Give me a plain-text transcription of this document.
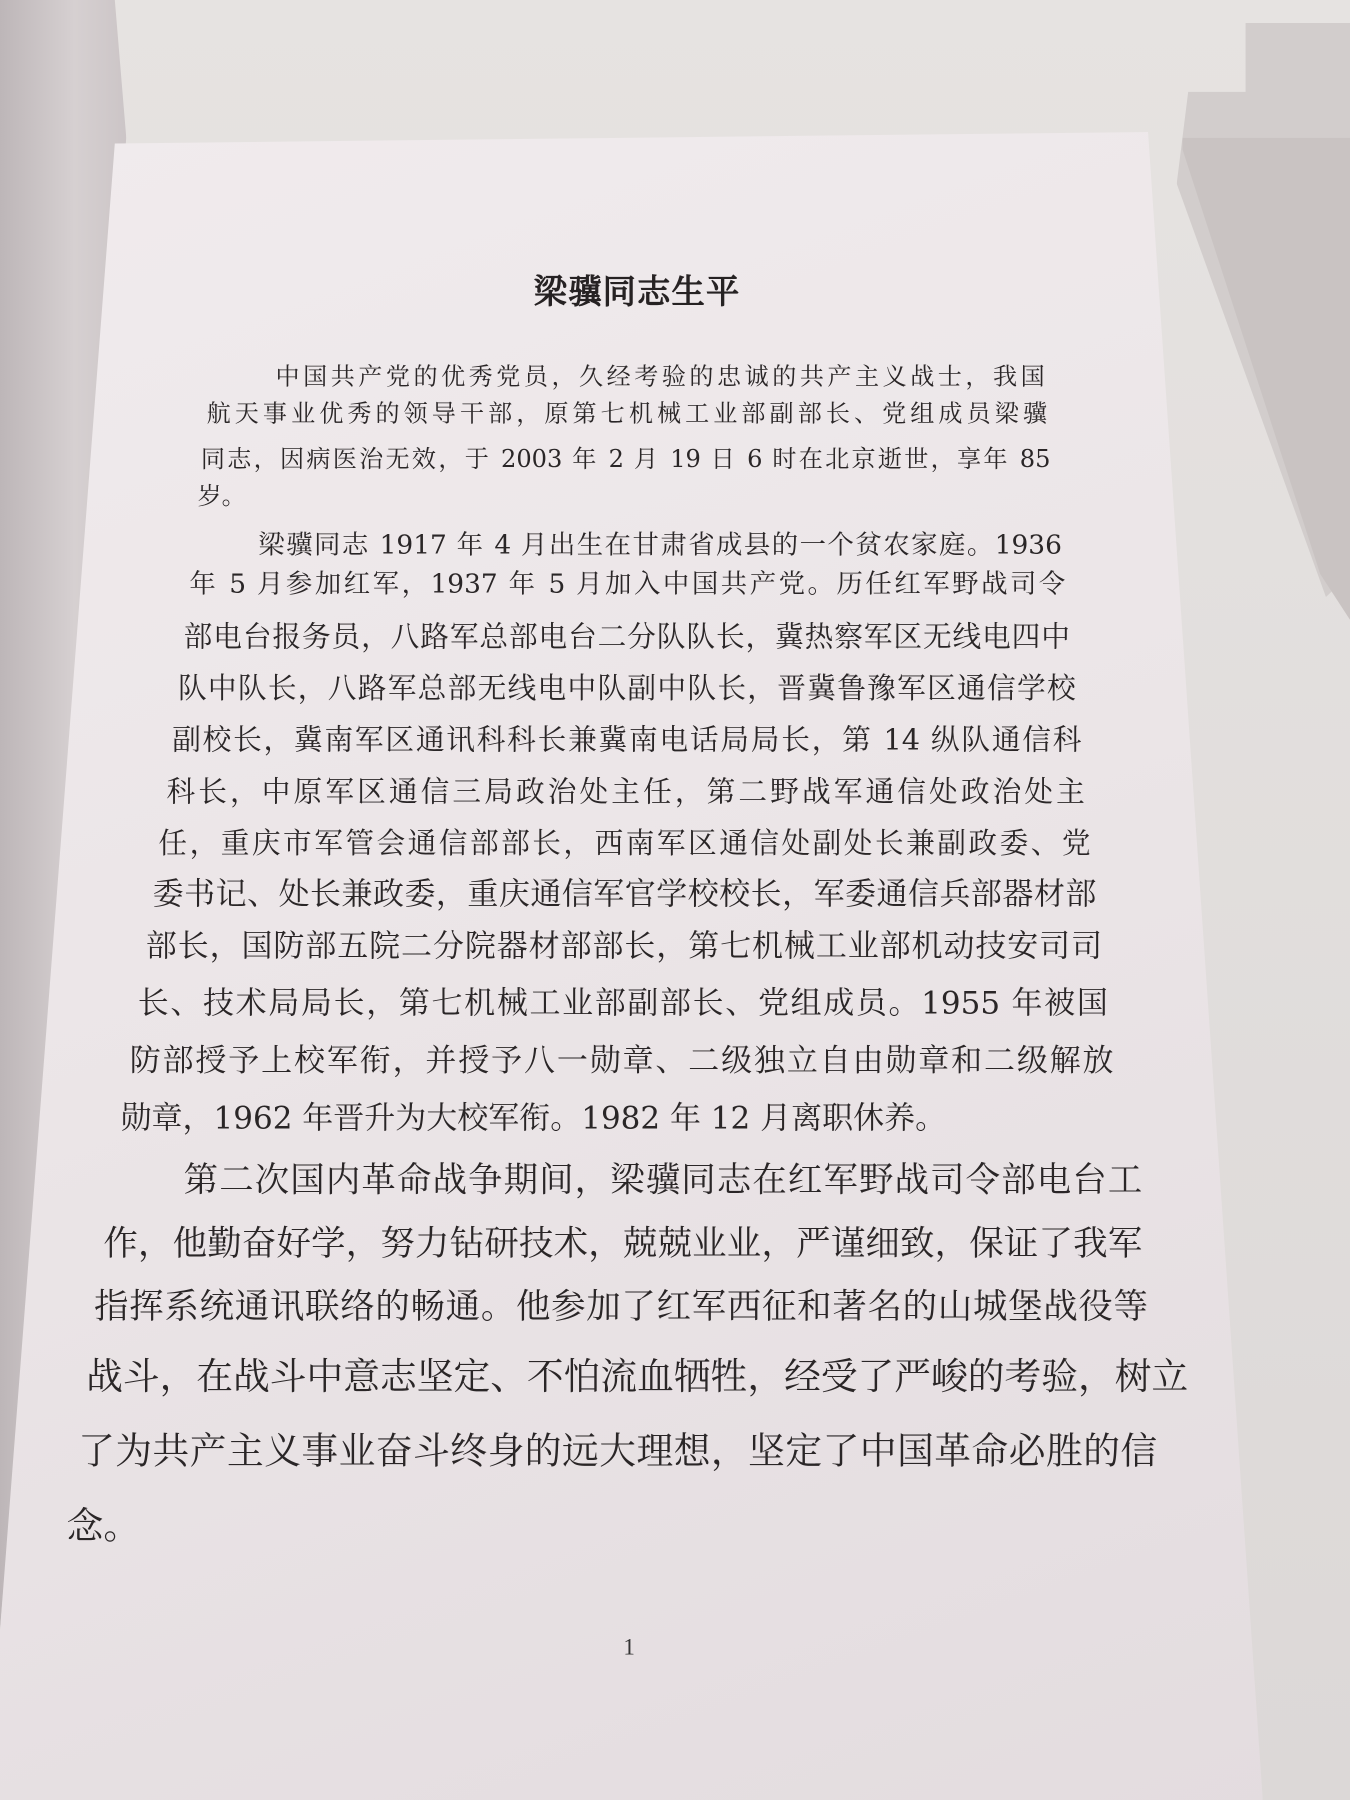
梁骥同志生平
中国共产党的优秀党员，久经考验的忠诚的共产主义战士，我国
航天事业优秀的领导干部，原第七机械工业部副部长、党组成员梁骥
同志，因病医治无效，于 2003 年 2 月 19 日 6 时在北京逝世，享年 85
岁。
梁骥同志 1917 年 4 月出生在甘肃省成县的一个贫农家庭。1936
年 5 月参加红军，1937 年 5 月加入中国共产党。历任红军野战司令
部电台报务员，八路军总部电台二分队队长，冀热察军区无线电四中
队中队长，八路军总部无线电中队副中队长，晋冀鲁豫军区通信学校
副校长，冀南军区通讯科科长兼冀南电话局局长，第 14 纵队通信科
科长，中原军区通信三局政治处主任，第二野战军通信处政治处主
任，重庆市军管会通信部部长，西南军区通信处副处长兼副政委、党
委书记、处长兼政委，重庆通信军官学校校长，军委通信兵部器材部
部长，国防部五院二分院器材部部长，第七机械工业部机动技安司司
长、技术局局长，第七机械工业部副部长、党组成员。1955 年被国
防部授予上校军衔，并授予八一勋章、二级独立自由勋章和二级解放
勋章，1962 年晋升为大校军衔。1982 年 12 月离职休养。
第二次国内革命战争期间，梁骥同志在红军野战司令部电台工
作，他勤奋好学，努力钻研技术，兢兢业业，严谨细致，保证了我军
指挥系统通讯联络的畅通。他参加了红军西征和著名的山城堡战役等
战斗，在战斗中意志坚定、不怕流血牺牲，经受了严峻的考验，树立
了为共产主义事业奋斗终身的远大理想，坚定了中国革命必胜的信
念。
1
